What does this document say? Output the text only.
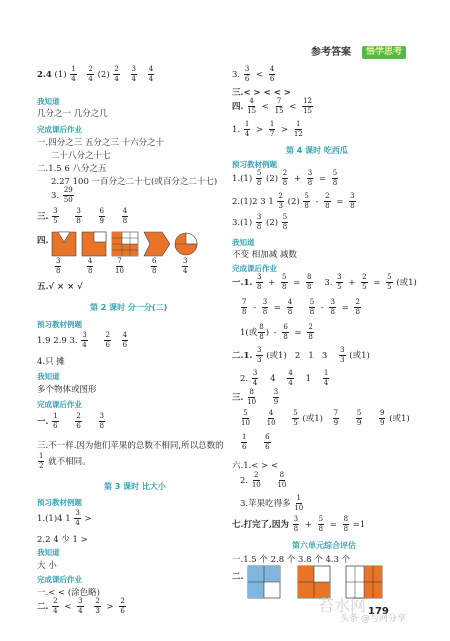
参考答案	悟学思考
2.4 $(1) \frac{1}{4}$
$\frac{2}{4} (2) \frac{2}{4}$
$\frac{3}{4}$
$\frac{4}{4}$
我知道
几分之一 几分之几
完成课后作业
一.四分之三 五分之三 十六分之十
二十八分之十七
二.1.5 6 八分之五
2.27 100 一百分之二十七(或百分之二十七)
3. $\frac{29}{50}$
三. $\frac{3}{5}$
$\frac{3}{8}$
$\frac{6}{9}$
$\frac{4}{8}$
四.
$\frac{3}{8}$	$\frac{4}{8}$	$\frac{7}{10}$	$\frac{6}{8}$	$\frac{3}{4}$
五.√ × × √
第 2 课时 分一分(二)
预习教材例题
1.9 2.9 3. $\frac{3}{4}$
$\frac{2}{6}$
$\frac{4}{6}$
4.只 摊
我知道
多个物体或图形
完成课后作业
一. $\frac{1}{6}$
$\frac{2}{6}$
$\frac{3}{8}$
三.不一样.因为他们苹果的总数不相同,所以总数的
$\frac{1}{2}$ 就不相同。
第 3 课时 比大小
预习教材例题
1.(1)4 $1 \frac{3}{4}$ >
2.2 4 少 1 >
我知道
大 小
完成课后作业
一.< < (涂色略)
二. $\frac{2}{4} < \frac{3}{4}$
$\frac{2}{3} > \frac{2}{6}$
3. $\frac{3}{6} < \frac{4}{6}$
三.< > < < >
四. $\frac{4}{15} < \frac{7}{15} < \frac{12}{15}$
1. $\frac{1}{4} > \frac{1}{7} > \frac{1}{12}$
第 4 课时 吃西瓜
预习教材例题
$1.(1) \frac{5}{8} (2) \frac{2}{8} + \frac{3}{8} = \frac{5}{8}$
2.(1)2 3 $1 \frac{2}{3} (2) \frac{5}{8} - \frac{2}{8} = \frac{3}{8}$
$3.(1) \frac{3}{8} (2) \frac{5}{8}$
我知道
不变 相加减 减数
完成课后作业
一.1. $\frac{3}{8} + \frac{5}{8} = \frac{8}{8} 3$. $\frac{3}{5} + \frac{2}{5} = \frac{5}{5}$ (或1)
$\frac{7}{8} - \frac{3}{8} = \frac{4}{8}$
$\frac{5}{8} - \frac{3}{8} = \frac{2}{8}$
1(或 $\frac{8}{8}$ ) - $\frac{6}{8} = \frac{2}{8}$
二.1. $\frac{3}{3}$ (或1)   2   1   $3 \frac{3}{3}$ (或1)
2. $\frac{3}{4} 4 \frac{4}{4} 1 \frac{1}{4}$
三. $\frac{8}{10}$
$\frac{3}{9}$
$\frac{5}{10}$
$\frac{4}{10}$
$\frac{5}{5}$ (或$1) \frac{7}{9}$
$\frac{5}{9}$
$\frac{9}{9}$ (或1)
$\frac{1}{6}$
$\frac{6}{6}$
六.1.< > <
2. $\frac{2}{10}$
$\frac{8}{10}$
3.苹果吃得多 $\frac{1}{10}$
七.打完了,因为 $\frac{3}{8} + \frac{5}{8} = \frac{8}{8} =1$
第六单元综合评估
一.1.5 个 2.8 个 3.8 个 4.3 个
二.
179
头条 @与网分享
苔水网
